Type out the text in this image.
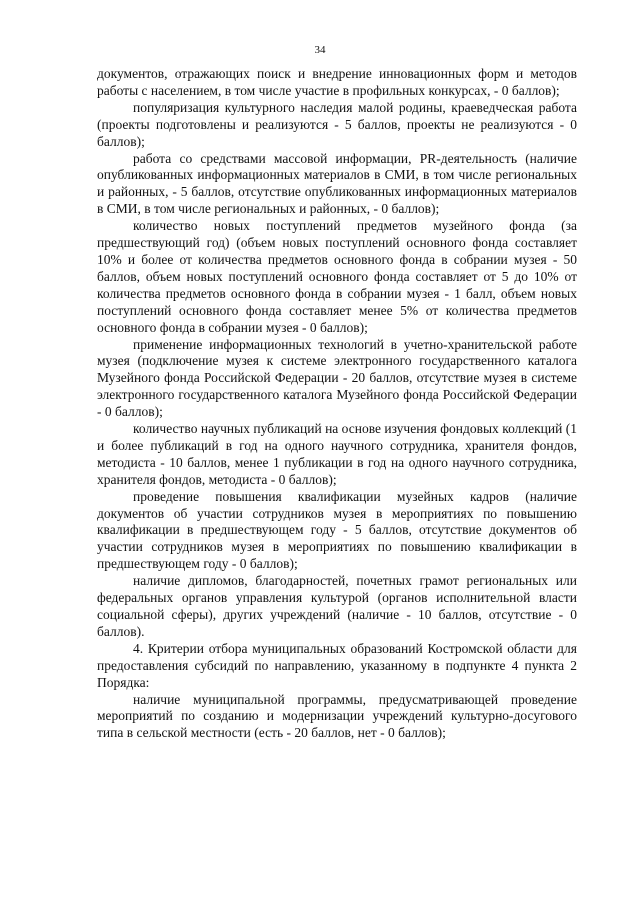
34

документов, отражающих поиск и внедрение инновационных форм и методов работы с населением, в том числе участие в профильных конкурсах, - 0 баллов);

популяризация культурного наследия малой родины, краеведческая работа (проекты подготовлены и реализуются - 5 баллов, проекты не реализуются - 0 баллов);

работа со средствами массовой информации, PR-деятельность (наличие опубликованных информационных материалов в СМИ, в том числе региональных и районных, - 5 баллов, отсутствие опубликованных информационных материалов в СМИ, в том числе региональных и районных, - 0 баллов);

количество новых поступлений предметов музейного фонда (за предшествующий год) (объем новых поступлений основного фонда составляет 10% и более от количества предметов основного фонда в собрании музея - 50 баллов, объем новых поступлений основного фонда составляет от 5 до 10% от количества предметов основного фонда в собрании музея - 1 балл, объем новых поступлений основного фонда составляет менее 5% от количества предметов основного фонда в собрании музея - 0 баллов);

применение информационных технологий в учетно-хранительской работе музея (подключение музея к системе электронного государственного каталога Музейного фонда Российской Федерации - 20 баллов, отсутствие музея в системе электронного государственного каталога Музейного фонда Российской Федерации - 0 баллов);

количество научных публикаций на основе изучения фондовых коллекций (1 и более публикаций в год на одного научного сотрудника, хранителя фондов, методиста - 10 баллов, менее 1 публикации в год на одного научного сотрудника, хранителя фондов, методиста - 0 баллов);

проведение повышения квалификации музейных кадров (наличие документов об участии сотрудников музея в мероприятиях по повышению квалификации в предшествующем году - 5 баллов, отсутствие документов об участии сотрудников музея в мероприятиях по повышению квалификации в предшествующем году - 0 баллов);

наличие дипломов, благодарностей, почетных грамот региональных или федеральных органов управления культурой (органов исполнительной власти социальной сферы), других учреждений (наличие - 10 баллов, отсутствие - 0 баллов).

4. Критерии отбора муниципальных образований Костромской области для предоставления субсидий по направлению, указанному в подпункте 4 пункта 2 Порядка:

наличие муниципальной программы, предусматривающей проведение мероприятий по созданию и модернизации учреждений культурно-досугового типа в сельской местности (есть - 20 баллов, нет - 0 баллов);
